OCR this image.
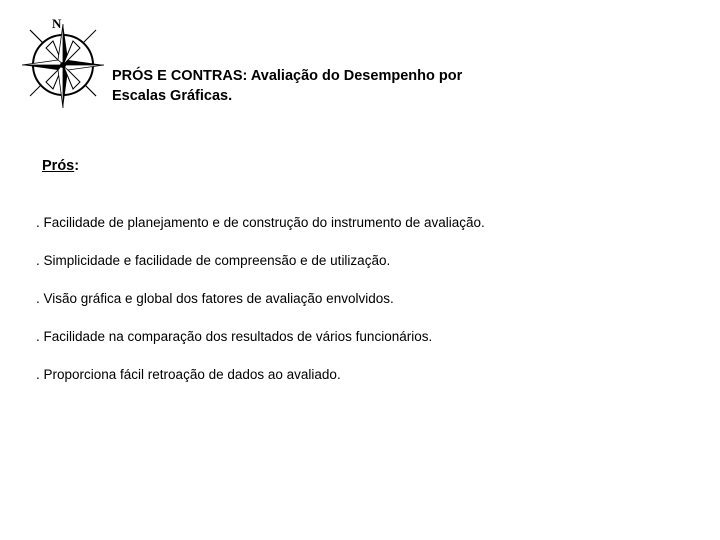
N
PRÓS E CONTRAS: Avaliação do Desempenho por
Escalas Gráficas.
Prós:
. Facilidade de planejamento e de construção do instrumento de avaliação.
. Simplicidade e facilidade de compreensão e de utilização.
. Visão gráfica e global dos fatores de avaliação envolvidos.
. Facilidade na comparação dos resultados de vários funcionários.
. Proporciona fácil retroação de dados ao avaliado.
